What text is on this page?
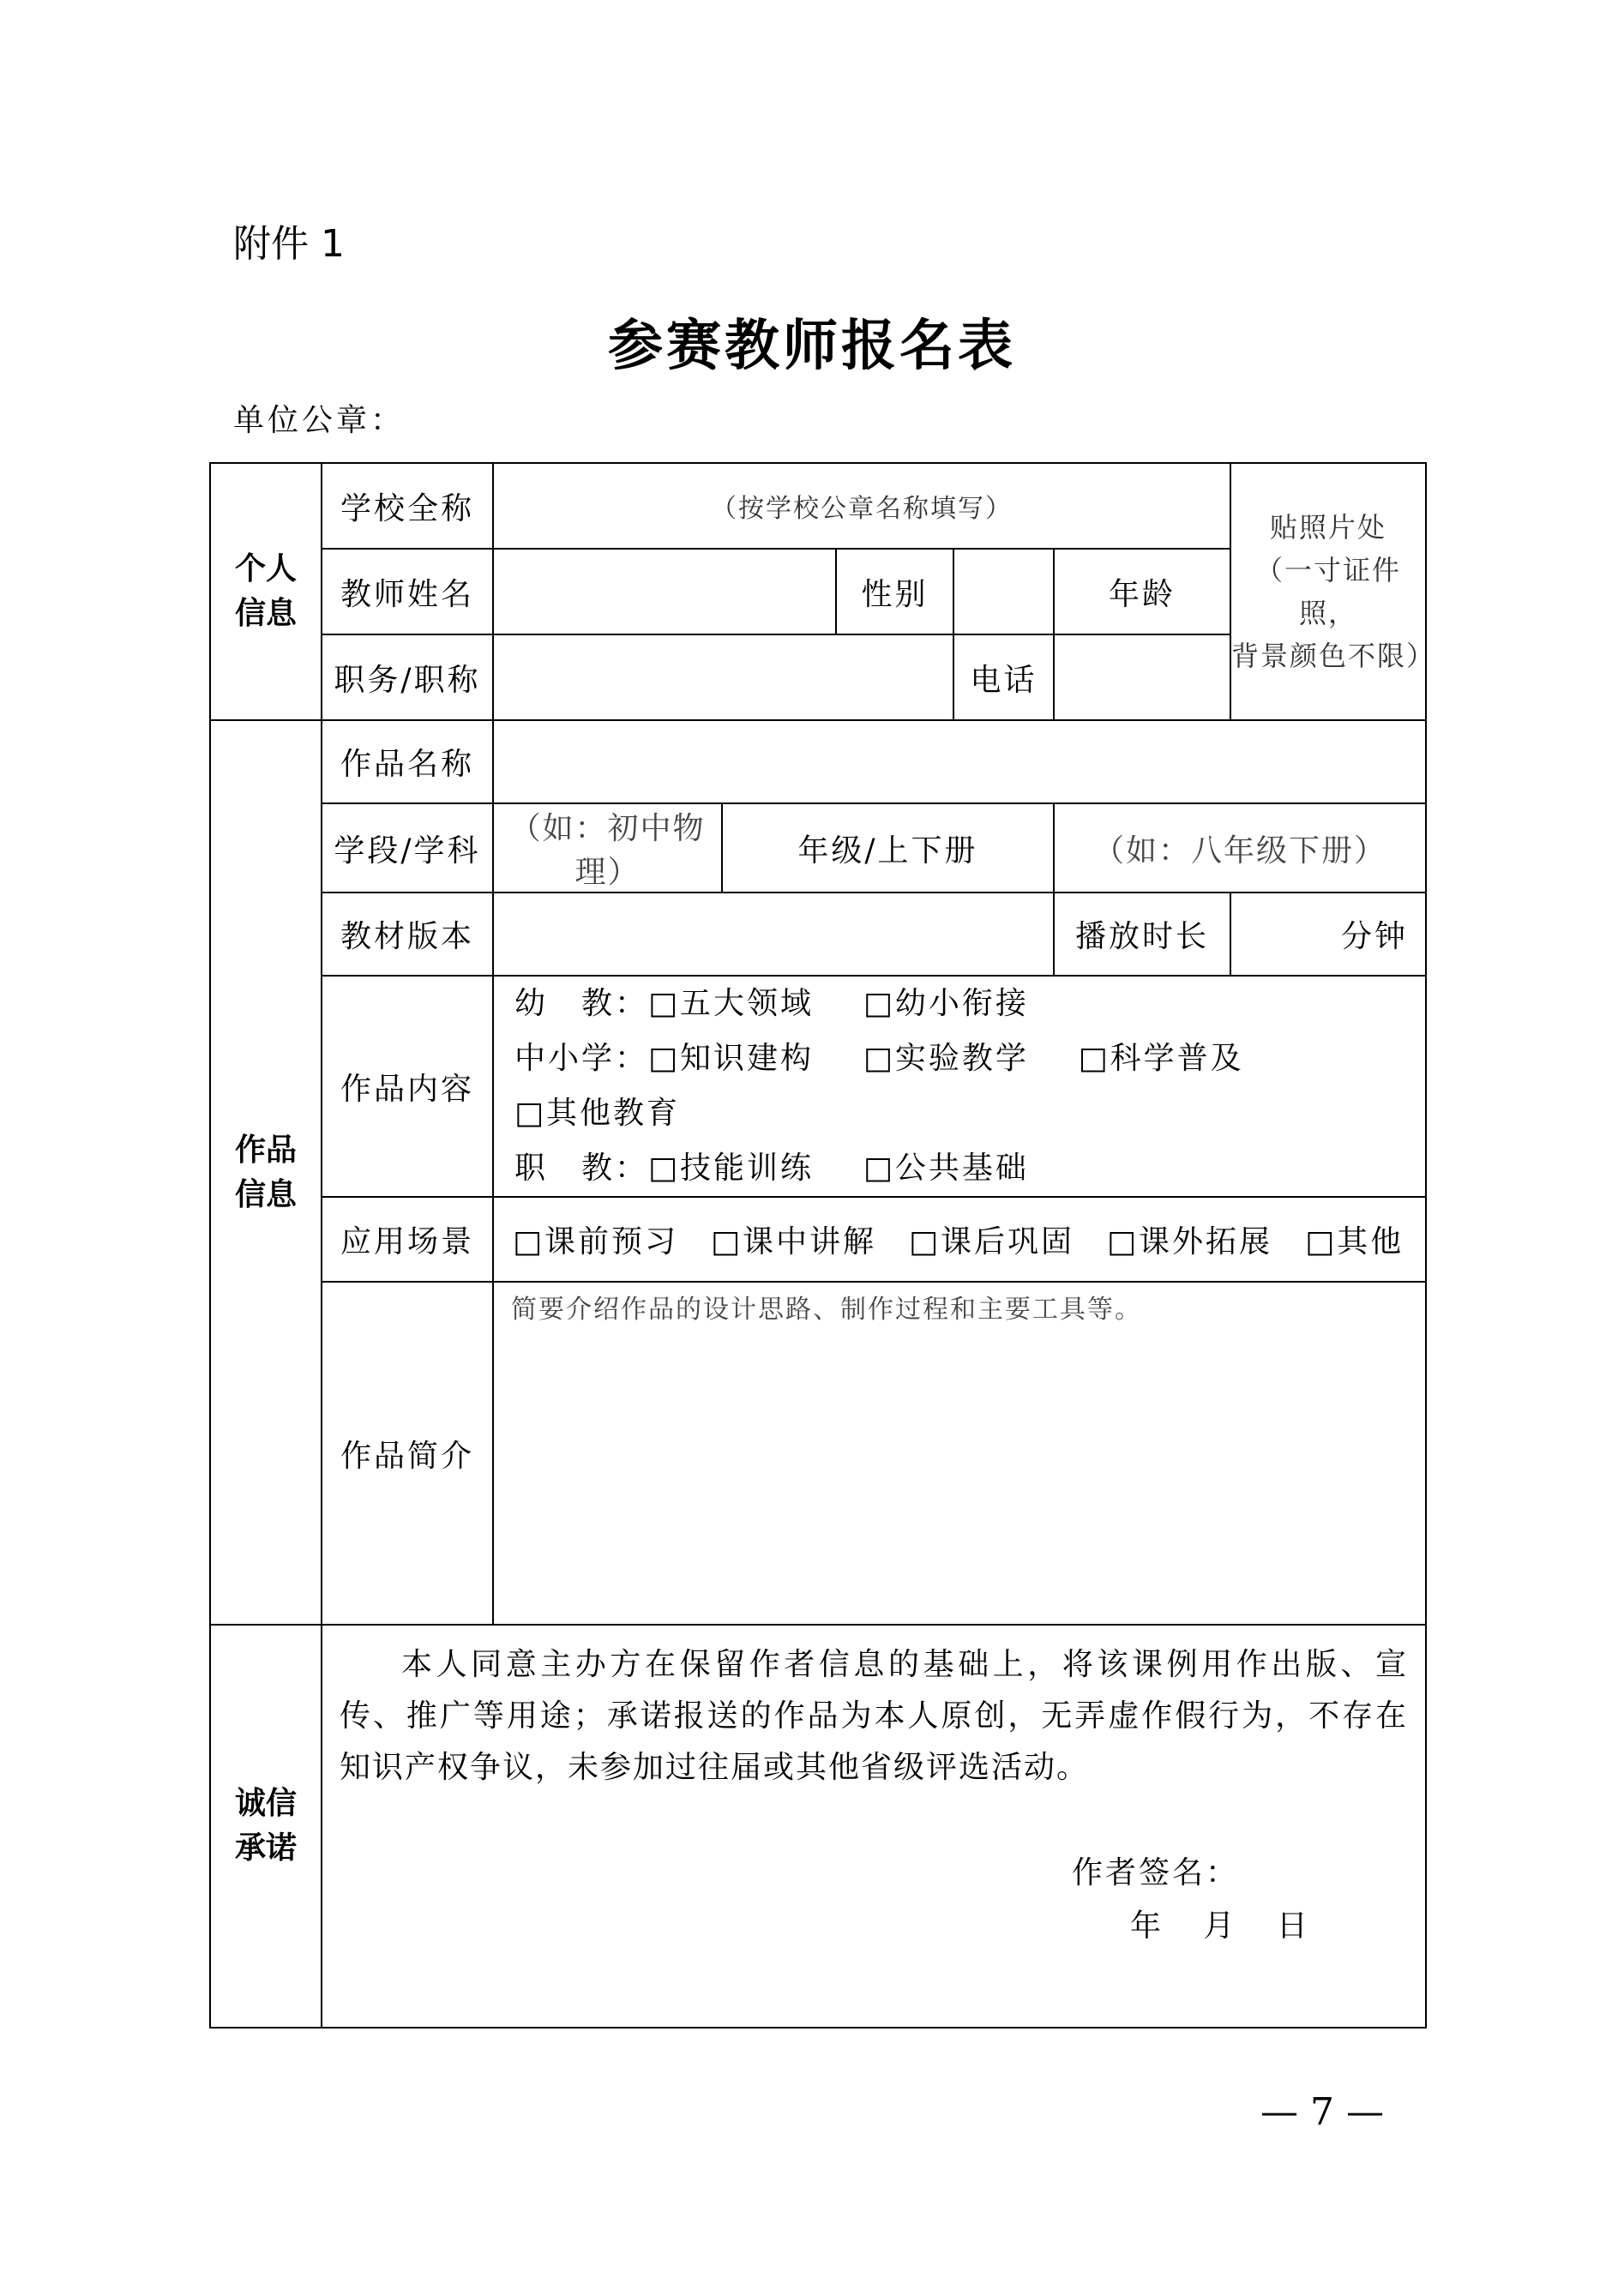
附件 1
参赛教师报名表
单位公章：
个人
信息	学校全称	（按学校公章名称填写）					贴照片处
（一寸证件照，
背景颜色不限）	
	教师姓名			性别		年龄		
	职务/职称				电话			
作品
信息	作品名称							
	学段/学科	（如：初中物理）	年级/上下册			（如：八年级下册）		
	教材版本					播放时长	分钟	
	作品内容	幼　教：□五大领域 □幼小衔接
中小学：□知识建构 □实验教学 □科学普及    □其他教育
职　教：□技能训练 □公共基础						

	应用场景	□课前预习 □课中讲解 □课后巩固 □课外拓展 □其他						
	作品简介	简要介绍作品的设计思路、制作过程和主要工具等。						
诚信
承诺	本人同意主办方在保留作者信息的基础上，将该课例用作出版、宣传、推广等用途；承诺报送的作品为本人原创，无弄虚作假行为，不存在知识产权争议，未参加过往届或其他省级评选活动。							
作者签名：
年 月 日
— 7 —
